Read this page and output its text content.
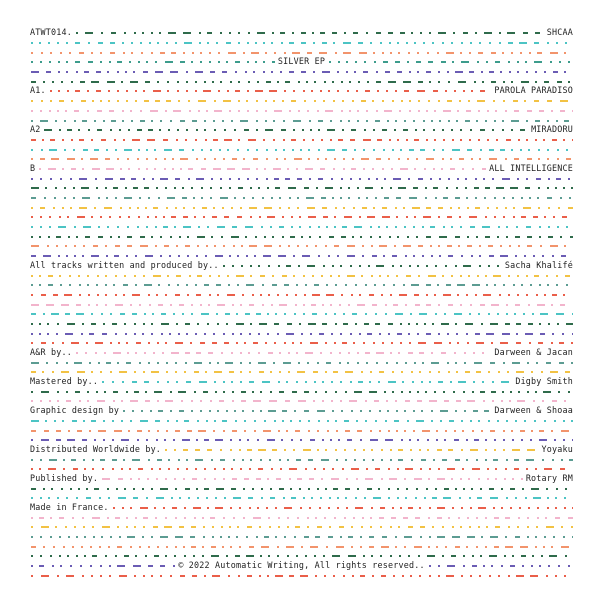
ATWT014.	SHCAA
SILVER EP
A1.	PAROLA PARADISO
A2	MIRADORU
B	ALL INTELLIGENCE
All tracks written and produced by..	Sacha Khalifé
A&R by..	Darween & Jacan
Mastered by..	Digby Smith
Graphic design by	Darween & Shoaa
Distributed Worldwide by.	Yoyaku
Published by.	Rotary RM
Made in France.
© 2022 Automatic Writing, All rights reserved..
